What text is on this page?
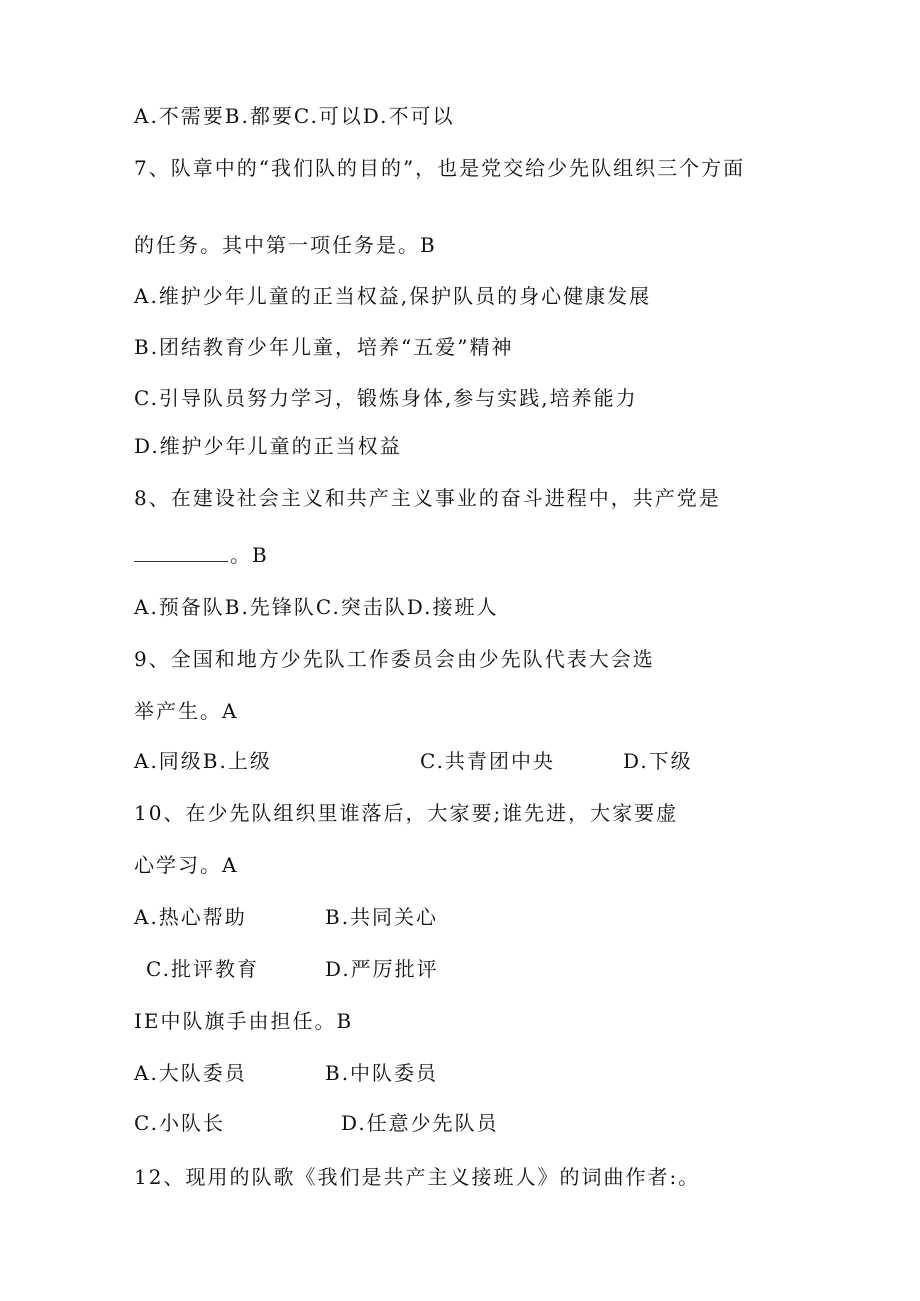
A.不需要B.都要C.可以D.不可以
7、队章中的“我们队的目的”，也是党交给少先队组织三个方面
的任务。其中第一项任务是。B
A.维护少年儿童的正当权益,保护队员的身心健康发展
B.团结教育少年儿童，培养“五爱”精神
C.引导队员努力学习，锻炼身体,参与实践,培养能力
D.维护少年儿童的正当权益
8、在建设社会主义和共产主义事业的奋斗进程中，共产党是
。B
A.预备队B.先锋队C.突击队D.接班人
9、全国和地方少先队工作委员会由少先队代表大会选
举产生。A
A.同级B.上级	C.共青团中央	D.下级
10、在少先队组织里谁落后，大家要;谁先进，大家要虚
心学习。A
A.热心帮助	B.共同关心
C.批评教育	D.严厉批评
IE中队旗手由担任。B
A.大队委员	B.中队委员
C.小队长	D.任意少先队员
12、现用的队歌《我们是共产主义接班人》的词曲作者:。
